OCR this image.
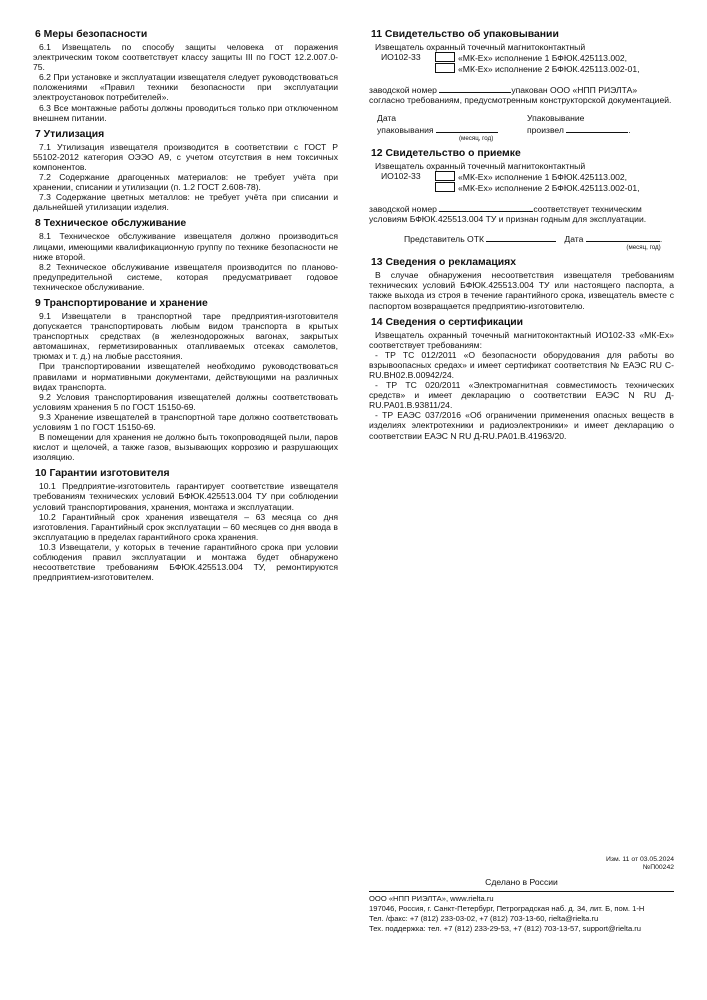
6 Меры безопасности

6.1 Извещатель по способу защиты человека от поражения электрическим током соответствует классу защиты III по ГОСТ 12.2.007.0-75.

6.2 При установке и эксплуатации извещателя следует руководствоваться положениями «Правил техники безопасности при эксплуатации электроустановок потребителей».

6.3 Все монтажные работы должны проводиться только при отключенном внешнем питании.

7 Утилизация

7.1 Утилизация извещателя производится в соответствии с ГОСТ Р 55102-2012 категория ОЭЭО А9, с учетом отсутствия в нем токсичных компонентов.

7.2 Содержание драгоценных материалов: не требует учёта при хранении, списании и утилизации (п. 1.2 ГОСТ 2.608-78).

7.3 Содержание цветных металлов: не требует учёта при списании и дальнейшей утилизации изделия.

8 Техническое обслуживание

8.1 Техническое обслуживание извещателя должно производиться лицами, имеющими квалификационную группу по технике безопасности не ниже второй.

8.2 Техническое обслуживание извещателя производится по планово-предупредительной системе, которая предусматривает годовое техническое обслуживание.

9 Транспортирование и хранение

9.1 Извещатели в транспортной таре предприятия-изготовителя допускается транспортировать любым видом транспорта в крытых транспортных средствах (в железнодорожных вагонах, закрытых автомашинах, герметизированных отапливаемых отсеках самолетов, трюмах и т. д.) на любые расстояния.

При транспортировании извещателей необходимо руководствоваться правилами и нормативными документами, действующими на различных видах транспорта.

9.2 Условия транспортирования извещателей должны соответствовать условиям хранения 5 по ГОСТ 15150-69.

9.3 Хранение извещателей в транспортной таре должно соответствовать условиям 1 по ГОСТ 15150-69.

В помещении для хранения не должно быть токопроводящей пыли, паров кислот и щелочей, а также газов, вызывающих коррозию и разрушающих изоляцию.

10 Гарантии изготовителя

10.1 Предприятие-изготовитель гарантирует соответствие извещателя требованиям технических условий БФЮК.425513.004 ТУ при соблюдении условий транспортирования, хранения, монтажа и эксплуатации.

10.2 Гарантийный срок хранения извещателя – 63 месяца со дня изготовления. Гарантийный срок эксплуатации – 60 месяцев со дня ввода в эксплуатацию в пределах гарантийного срока хранения.

10.3 Извещатели, у которых в течение гарантийного срока при условии соблюдения правил эксплуатации и монтажа будет обнаружено несоответствие требованиям БФЮК.425513.004 ТУ, ремонтируются предприятием-изготовителем.

11 Свидетельство об упаковывании

Извещатель охранный точечный магнитоконтактный

ИО102-33	«МК-Ех» исполнение 1 БФЮК.425113.002,
«МК-Ех» исполнение 2 БФЮК.425113.002-01,

заводской номер	упакован ООО «НПП РИЭЛТА»

согласно требованиям, предусмотренным конструкторской документацией.

Дата
упаковывания
(месяц, год)
Упаковывание
произвел	.
12 Свидетельство о приемке

Извещатель охранный точечный магнитоконтактный

ИО102-33	«МК-Ех» исполнение 1 БФЮК.425113.002,
«МК-Ех» исполнение 2 БФЮК.425113.002-01,

заводской номер	соответствует техническим

условиям БФЮК.425513.004 ТУ и признан годным для эксплуатации.

Представитель ОТК	Дата	.
(месяц, год)
13 Сведения о рекламациях

В случае обнаружения несоответствия извещателя требованиям технических условий БФЮК.425513.004 ТУ или настоящего паспорта, а также выхода из строя в течение гарантийного срока, извещатель вместе с паспортом возвращается предприятию-изготовителю.

14 Сведения о сертификации

Извещатель охранный точечный магнитоконтактный ИО102-33 «МК-Ех» соответствует требованиям:

- ТР ТС 012/2011 «О безопасности оборудования для работы во взрывоопасных средах» и имеет сертификат соответствия № ЕАЭС RU С-RU.ВН02.В.00942/24.

- ТР ТС 020/2011 «Электромагнитная совместимость технических средств» и имеет декларацию о соответствии ЕАЭС N RU Д-RU.РА01.В.93811/24.

- ТР ЕАЭС 037/2016 «Об ограничении применения опасных веществ в изделиях электротехники и радиоэлектроники» и имеет декларацию о соответствии ЕАЭС N RU Д-RU.РА01.В.41963/20.

Изм. 11 от 03.05.2024
№П00242
Сделано в России
ООО «НПП РИЭЛТА», www.rielta.ru
197046, Россия, г. Санкт-Петербург, Петроградская наб. д. 34, лит. Б, пом. 1-Н
Тел. /факс: +7 (812) 233-03-02, +7 (812) 703-13-60, rielta@rielta.ru
Тех. поддержка: тел. +7 (812) 233-29-53, +7 (812) 703-13-57, support@rielta.ru
